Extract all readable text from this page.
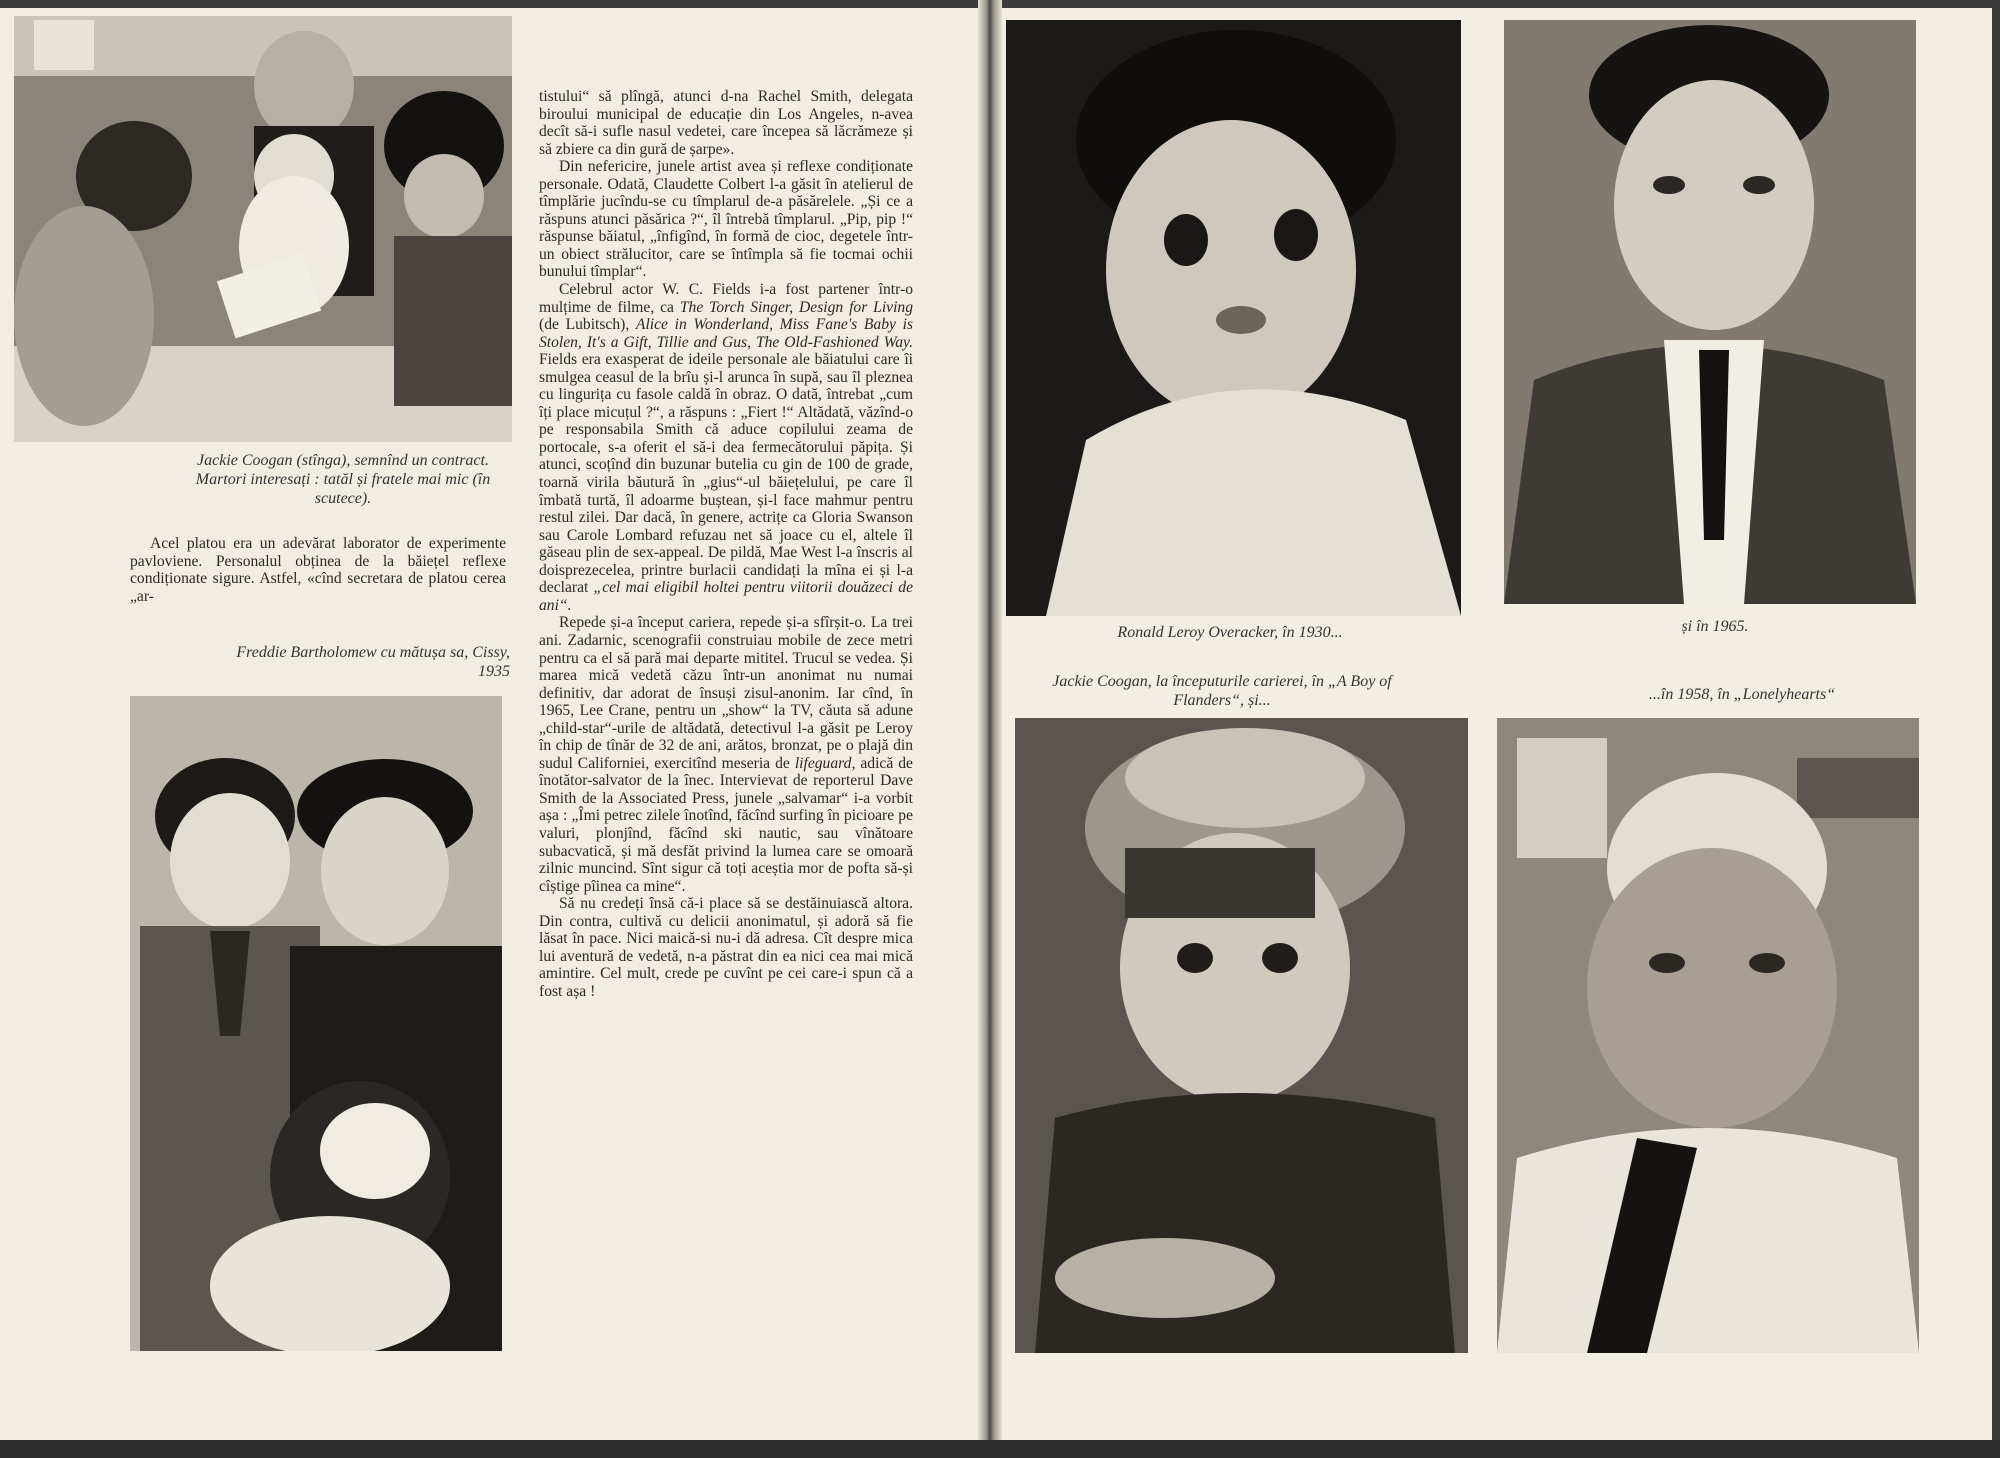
Jackie Coogan (stînga), semnînd un contract. Martori interesați : tatăl și fratele mai mic (în scutece).

Acel platou era un adevărat laborator de experimente pavloviene. Personalul obținea de la băiețel reflexe condiționate sigure. Astfel, «cînd secretara de platou cerea „ar-

Freddie Bartholomew cu mătușa sa, Cissy, 1935

tistului“ să plîngă, atunci d-na Rachel Smith, delegata biroului municipal de educație din Los Angeles, n-avea decît să-i sufle nasul vedetei, care începea să lăcrămeze și să zbiere ca din gură de șarpe».

Din nefericire, junele artist avea și reflexe condiționate personale. Odată, Claudette Colbert l-a găsit în atelierul de tîmplărie jucîndu-se cu tîmplarul de-a păsărelele. „Și ce a răspuns atunci păsărica ?“, îl întrebă tîmplarul. „Pip, pip !“ răspunse băiatul, „înfigînd, în formă de cioc, degetele într-un obiect strălucitor, care se întîmpla să fie tocmai ochii bunului tîmplar“.

Celebrul actor W. C. Fields i-a fost partener într-o mulțime de filme, ca The Torch Singer, Design for Living (de Lubitsch), Alice in Wonderland, Miss Fane's Baby is Stolen, It's a Gift, Tillie and Gus, The Old-Fashioned Way. Fields era exasperat de ideile personale ale băiatului care îi smulgea ceasul de la brîu și-l arunca în supă, sau îl pleznea cu lingurița cu fasole caldă în obraz. O dată, întrebat „cum îți place micuțul ?“, a răspuns : „Fiert !“ Altădată, văzînd-o pe responsabila Smith că aduce copilului zeama de portocale, s-a oferit el să-i dea fermecătorului păpița. Și atunci, scoțînd din buzunar butelia cu gin de 100 de grade, toarnă virila băutură în „gius“-ul băiețelului, pe care îl îmbată turtă, îl adoarme buștean, și-l face mahmur pentru restul zilei. Dar dacă, în genere, actrițe ca Gloria Swanson sau Carole Lombard refuzau net să joace cu el, altele îl găseau plin de sex-appeal. De pildă, Mae West l-a înscris al doisprezecelea, printre burlacii candidați la mîna ei și l-a declarat „cel mai eligibil holtei pentru viitorii douăzeci de ani“.

Repede și-a început cariera, repede și-a sfîrșit-o. La trei ani. Zadarnic, scenografii construiau mobile de zece metri pentru ca el să pară mai departe mititel. Trucul se vedea. Și marea mică vedetă căzu într-un anonimat nu numai definitiv, dar adorat de însuși zisul-anonim. Iar cînd, în 1965, Lee Crane, pentru un „show“ la TV, căuta să adune „child-star“-urile de altădată, detectivul l-a găsit pe Leroy în chip de tînăr de 32 de ani, arătos, bronzat, pe o plajă din sudul Californiei, exercitînd meseria de lifeguard, adică de înotător-salvator de la înec. Intervievat de reporterul Dave Smith de la Associated Press, junele „salvamar“ i-a vorbit așa : „Îmi petrec zilele înotînd, făcînd surfing în picioare pe valuri, plonjînd, făcînd ski nautic, sau vînătoare subacvatică, și mă desfăt privind la lumea care se omoară zilnic muncind. Sînt sigur că toți aceștia mor de pofta să-și cîștige pîinea ca mine“.

Să nu credeți însă că-i place să se destăinuiască altora. Din contra, cultivă cu delicii anonimatul, și adoră să fie lăsat în pace. Nici maică-si nu-i dă adresa. Cît despre mica lui aventură de vedetă, n-a păstrat din ea nici cea mai mică amintire. Cel mult, crede pe cuvînt pe cei care-i spun că a fost așa !

Ronald Leroy Overacker, în 1930...	și în 1965.
Jackie Coogan, la începuturile carierei, în „A Boy of Flanders“, și...	...în 1958, în „Lonelyhearts“
